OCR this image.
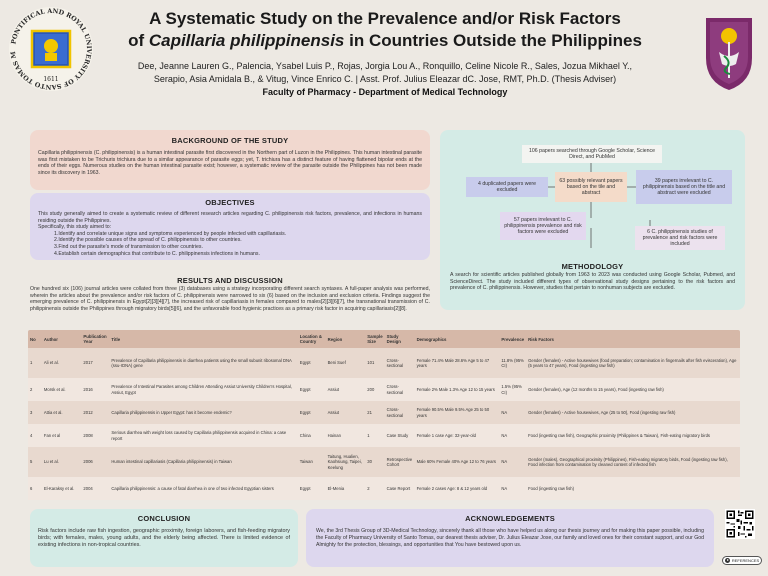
PONTIFICAL AND ROYAL UNIVERSITY OF SANTO TOMAS M
1611
A Systematic Study on the Prevalence and/or Risk Factors
of Capillaria philippinensis in Countries Outside the Philippines
Dee, Jeanne Lauren G., Palencia, Ysabel Luis P., Rojas, Jorgia Lou A., Ronquillo, Celine Nicole R., Sales, Jozua Mikhael Y.,
Serapio, Asia Amidala B., & Vitug, Vince Enrico C. | Asst. Prof. Julius Eleazar dC. Jose, RMT, Ph.D. (Thesis Adviser)
Faculty of Pharmacy - Department of Medical Technology
BACKGROUND OF THE STUDY
Capillaria philippinensis (C. philippinensis) is a human intestinal parasite first discovered in the Northern part of Luzon in the Philippines. This human intestinal parasite was first mistaken to be Trichuris trichiura due to a similar appearance of parasite eggs; yet, T. trichiura has a distinct feature of having flattened bipolar ends at the ends of their eggs. Numerous studies on the human intestinal parasite exist; however, a systematic review of the parasite outside the Philippines has not been made since its discovery in 1963.
OBJECTIVES
This study generally aimed to create a systematic review of different research articles regarding C. philippinensis risk factors, prevalence, and infections in humans residing outside the Philippines.
Specifically, this study aimed to:
1.Identify and correlate unique signs and symptoms experienced by people infected with capillariasis.
2.Identify the possible causes of the spread of C. philippinensis to other countries.
3.Find out the parasite's mode of transmission to other countries.
4.Establish certain demographics that contribute to C. philippinensis infections in humans.
106 papers searched through Google Scholar, Science Direct, and PubMed
4 duplicated papers were excluded
63 possibly relevant papers based on the tile and abstract
39 papers irrelevant to C. philippinensis based on the title and abstract were excluded
57 papers irrelevant to C. philippinensis prevalence and risk factors were excluded	6 C. philippinensis studies of prevalence and risk factors were included
METHODOLOGY
A search for scientific articles published globally from 1963 to 2023 was conducted using Google Scholar, Pubmed, and ScienceDirect. The study included different types of observational study designs pertaining to the risk factors and prevalence of C. philippinensis. However, studies that pertain to nonhuman subjects are excluded.
RESULTS AND DISCUSSION
One hundred six (106) journal articles were collated from three (3) databases using a strategy incorporating different search syntaxes. A full-paper analysis was performed, wherein the articles about the prevalence and/or risk factors of C. philippinensis were narrowed to six (6) based on the inclusion and exclusion criteria. Findings suggest the emerging prevalence of C. philippinensis in Egypt[2][3][4][7], the increased risk of capillariasis in females compared to males[2][3][6][7], the transnational transmission of C. philippinensis outside the Philippines through migratory birds[5][6], and the unfavorable food hygienic practices as a primary risk factor in acquiring capillariasis[2][8].
No	Author	Publication Year	Title	Location & Country	Region	Sample Size	Study Design	Demographics	Prevalence	Risk Factors
1	Ali et al.	2017	Prevalence of Capillaria philippinensis in diarrhea patients using the small subunit ribosomal DNA (ssu-rDNA) gene	Egypt	Beni Suef	101	Cross-sectional	Female 71.4% Male 28.6% Age 5 to 47 years	11.8% (95% CI)	Gender (females) - Active housewives (food preparation; contamination in fingernails after fish evisceration), Age (5 years to 47 years), Food (ingesting raw fish)
2	Morsk et al.	2016	Prevalence of Intestinal Parasites among Children Attending Assiut University Children's Hospital, Assiut, Egypt	Egypt	Assiut	200	Cross-sectional	Female 2% Male 1.3% Age 12 to 15 years	1.5% (95% CI)	Gender (females), Age (12 months to 15 years), Food (ingesting raw fish)
3	Attia et al.	2012	Capillaria philippinensis in Upper Egypt: has it become endemic?	Egypt	Assiut	21	Cross-sectional	Female 90.5% Male 9.5% Age 25 to 50 years	NA	Gender (females) - Active housewives, Age (25 to 50), Food (ingesting raw fish)
4	Fan et al	2008	Serious diarrhea with weight loss caused by Capillaria philippinensis acquired in China: a case report	China	Hainan	1	Case Study	Female 1 case Age: 32-year-old	NA	Food (ingesting raw fish), Geographic proximity (Philippines & Taiwan), Fish-eating migratory birds
5	Lu et al.	2006	Human intestinal capillariasis (Capillaria philippinensis) in Taiwan	Taiwan	Taitung, Hualien, Kaohsiung, Taipei, Keelung	30	Retrospective Cohort	Male 60% Female 40% Age 12 to 76 years	NA	Gender (males), Geographical proximity (Philippines), Fish-eating migratory birds, Food (ingesting raw fish), Food infection from contamination by cleaned content of infected fish
6	El-Karaksy et al.	2004	Capillaria philippinensis: a cause of fatal diarrhea in one of two infected Egyptian sisters	Egypt	El-Menia	2	Case Report	Female 2 cases Age: 8 & 12 years old	NA	Food (ingesting raw fish)
CONCLUSION
Risk factors include raw fish ingestion, geographic proximity, foreign laborers, and fish-feeding migratory birds; with females, males, young adults, and the elderly being affected. There is limited evidence of existing infections in non-tropical countries.
ACKNOWLEDGEMENTS
We, the 3rd Thesis Group of 3D-Medical Technology, sincerely thank all those who have helped us along our thesis journey and for making this paper possible, including the Faculty of Pharmacy University of Santo Tomas, our dearest thesis adviser, Dr. Julius Eleazar Jose, our family and loved ones for their constant support, and our God Almighty for the protection, blessings, and opportunities that You have bestowed upon us.
REFERENCES
